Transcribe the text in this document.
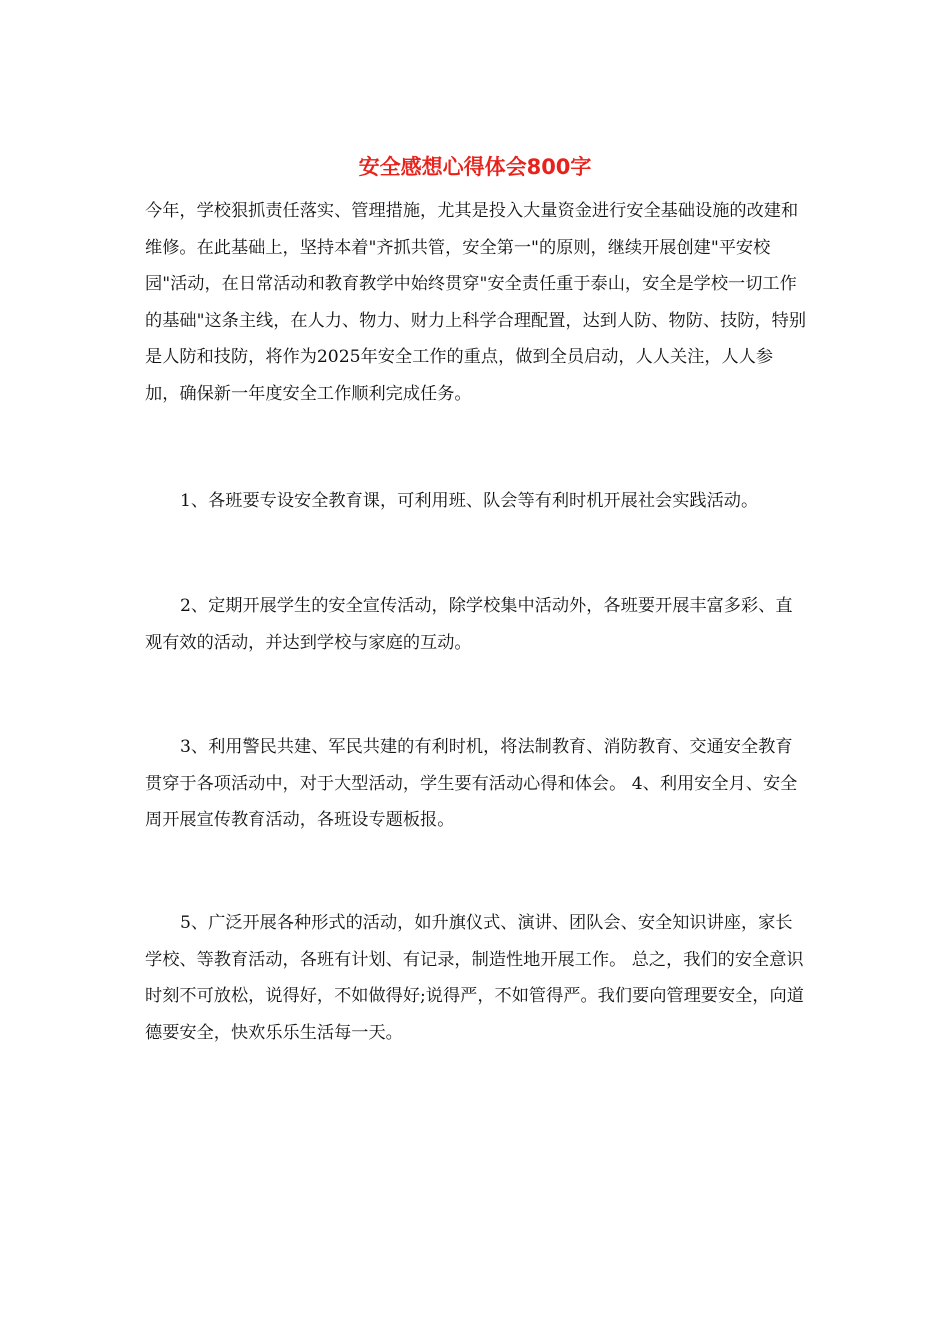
安全感想心得体会800字

今年，学校狠抓责任落实、管理措施，尤其是投入大量资金进行安全基础设施的改建和维修。在此基础上，坚持本着"齐抓共管，安全第一"的原则，继续开展创建"平安校园"活动，在日常活动和教育教学中始终贯穿"安全责任重于泰山，安全是学校一切工作的基础"这条主线，在人力、物力、财力上科学合理配置，达到人防、物防、技防，特别是人防和技防，将作为2025年安全工作的重点，做到全员启动，人人关注，人人参加，确保新一年度安全工作顺利完成任务。

1、各班要专设安全教育课，可利用班、队会等有利时机开展社会实践活动。

2、定期开展学生的安全宣传活动，除学校集中活动外，各班要开展丰富多彩、直观有效的活动，并达到学校与家庭的互动。

3、利用警民共建、军民共建的有利时机，将法制教育、消防教育、交通安全教育贯穿于各项活动中，对于大型活动，学生要有活动心得和体会。 4、利用安全月、安全周开展宣传教育活动，各班设专题板报。

5、广泛开展各种形式的活动，如升旗仪式、演讲、团队会、安全知识讲座，家长学校、等教育活动，各班有计划、有记录，制造性地开展工作。 总之，我们的安全意识时刻不可放松，说得好，不如做得好;说得严，不如管得严。我们要向管理要安全，向道德要安全，快欢乐乐生活每一天。
